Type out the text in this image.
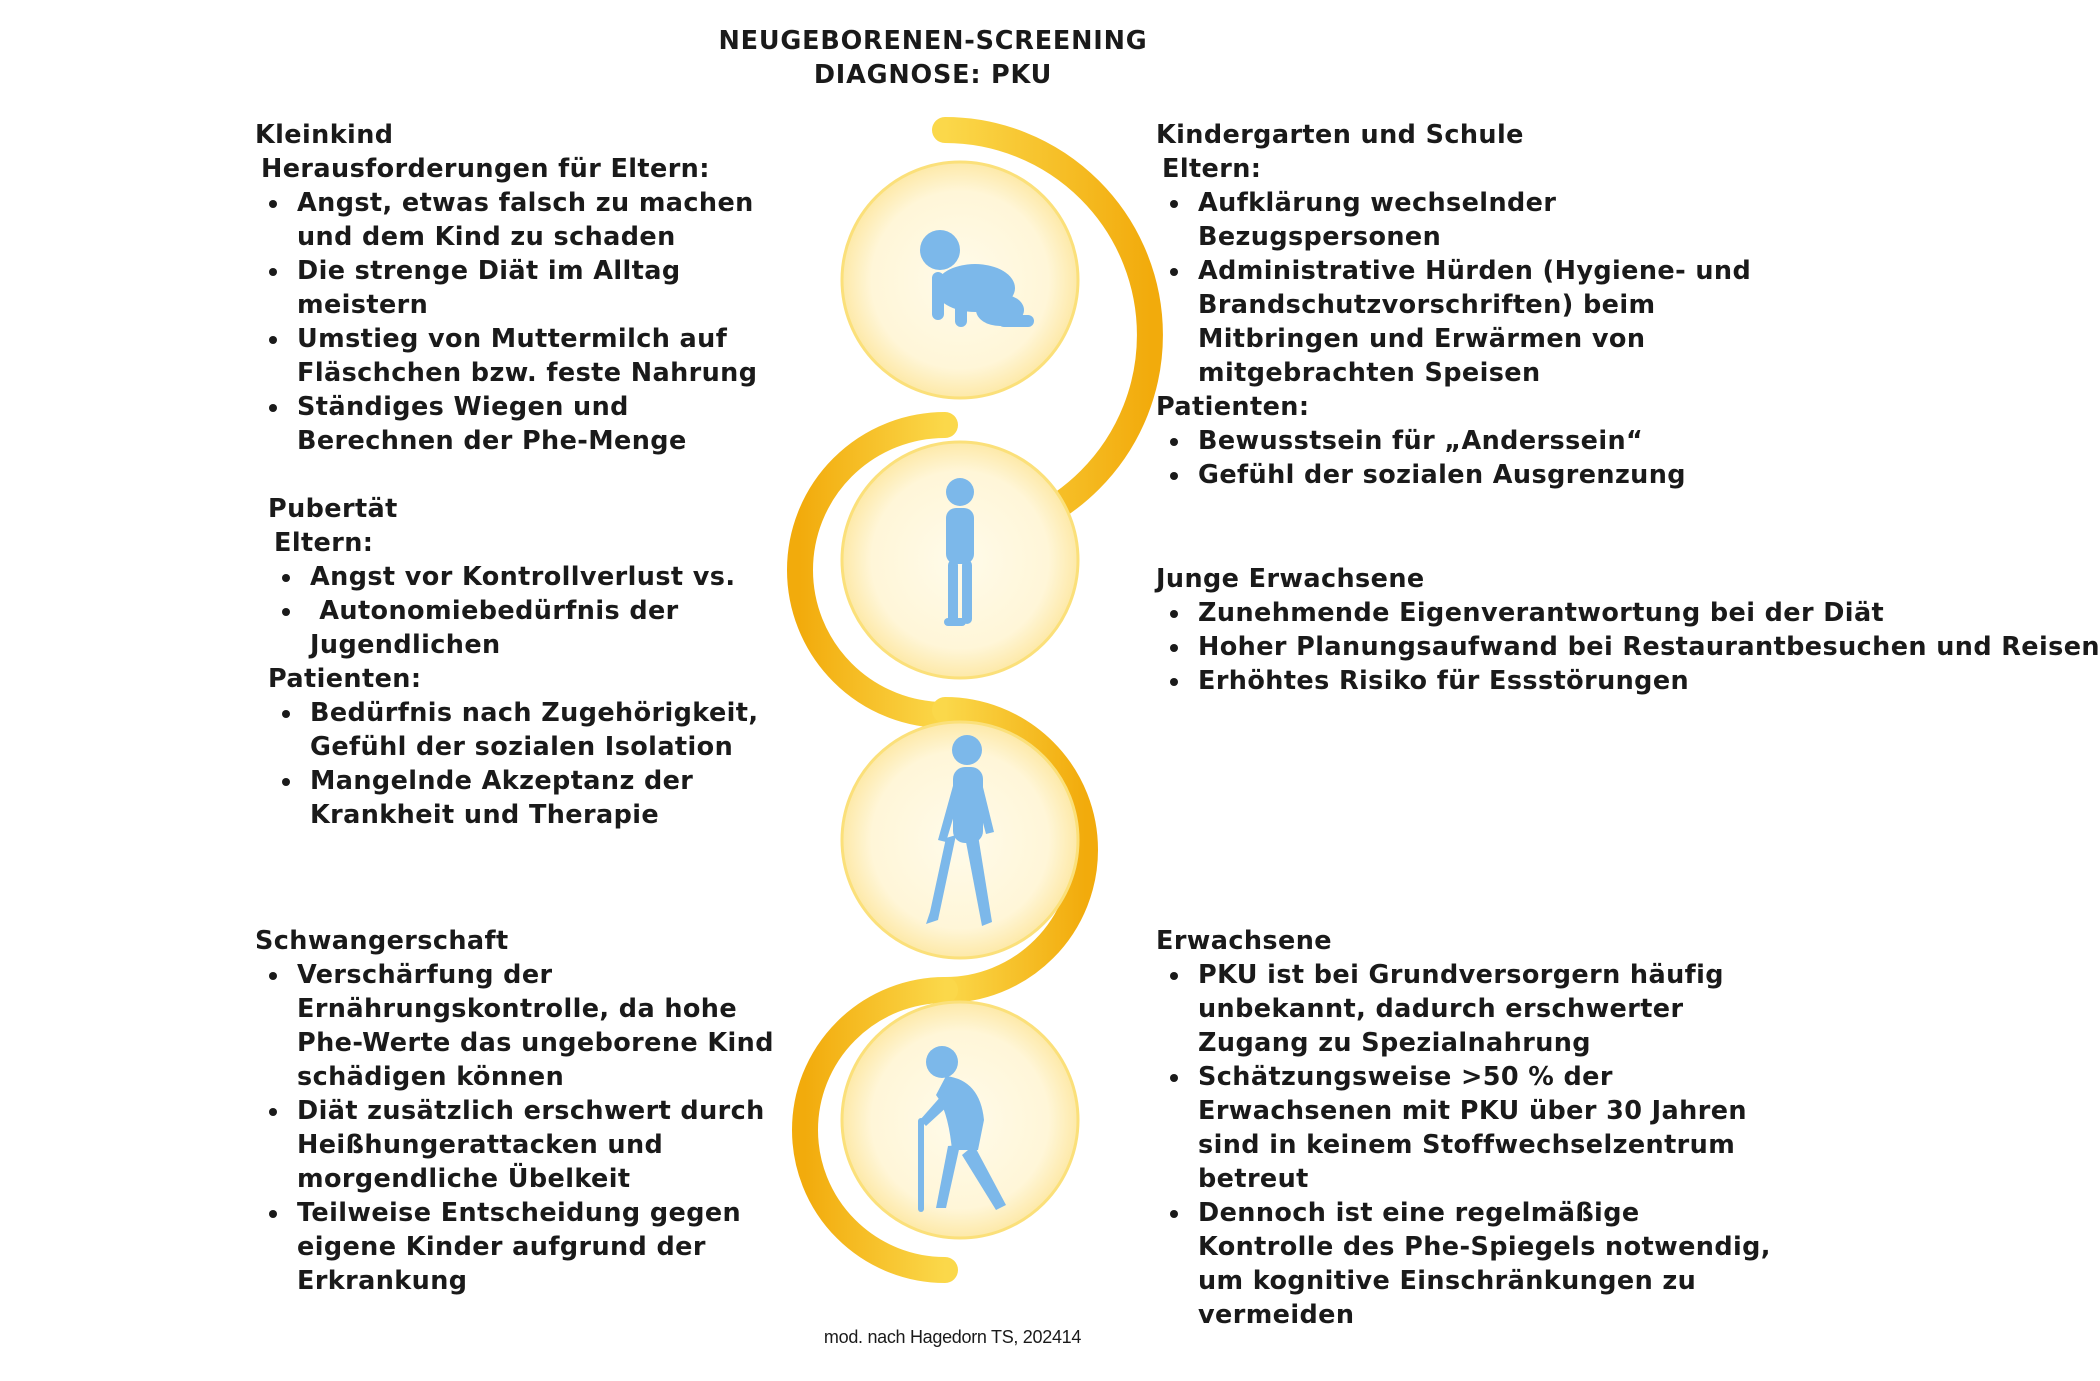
NEUGEBORENEN-SCREENING
DIAGNOSE: PKU
Kleinkind
Herausforderungen für Eltern:
Angst, etwas falsch zu machen und dem Kind zu schaden
Die strenge Diät im Alltag meistern
Umstieg von Muttermilch auf Fläschchen bzw. feste Nahrung
Ständiges Wiegen und Berechnen der Phe-Menge
Kindergarten und Schule
Eltern:
Aufklärung wechselnder Bezugspersonen
Administrative Hürden (Hygiene- und Brandschutzvorschriften) beim Mitbringen und Erwärmen von mitgebrachten Speisen
Patienten:
Bewusstsein für „Anderssein“
Gefühl der sozialen Ausgrenzung
Pubertät
Eltern:
Angst vor Kontrollverlust vs.
Autonomiebedürfnis der Jugendlichen
Patienten:
Bedürfnis nach Zugehörigkeit, Gefühl der sozialen Isolation
Mangelnde Akzeptanz der Krankheit und Therapie
Junge Erwachsene
Zunehmende Eigenverantwortung bei der Diät
Hoher Planungsaufwand bei Restaurantbesuchen und Reisen
Erhöhtes Risiko für Essstörungen
Schwangerschaft
Verschärfung der Ernährungskontrolle, da hohe Phe-Werte das ungeborene Kind schädigen können
Diät zusätzlich erschwert durch Heißhungerattacken und morgendliche Übelkeit
Teilweise Entscheidung gegen eigene Kinder aufgrund der Erkrankung
Erwachsene
PKU ist bei Grundversorgern häufig unbekannt, dadurch erschwerter Zugang zu Spezialnahrung
Schätzungsweise >50 % der Erwachsenen mit PKU über 30 Jahren sind in keinem Stoffwechselzentrum betreut
Dennoch ist eine regelmäßige Kontrolle des Phe-Spiegels notwendig, um kognitive Einschränkungen zu vermeiden
mod. nach Hagedorn TS, 202414
